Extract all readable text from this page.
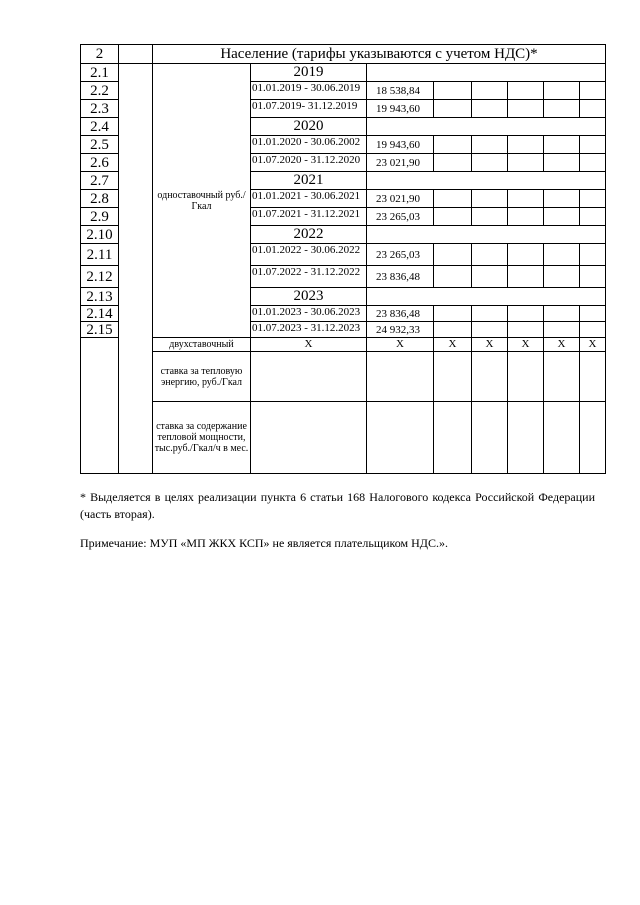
2		Население (тарифы указываются с учетом НДС)*							
2.1		одноставочный руб./Гкал	2019						
2.2			01.01.2019 - 30.06.2019	18 538,84					
2.3			01.07.2019- 31.12.2019	19 943,60					
2.4			2020						
2.5			01.01.2020 - 30.06.2002	19 943,60					
2.6			01.07.2020 - 31.12.2020	23 021,90					
2.7			2021						
2.8			01.01.2021 - 30.06.2021	23 021,90					
2.9			01.07.2021 - 31.12.2021	23 265,03					
2.10			2022						
2.11			01.01.2022 - 30.06.2022	23 265,03					
2.12			01.07.2022 - 31.12.2022	23 836,48					
2.13			2023						
2.14			01.01.2023 - 30.06.2023	23 836,48					
2.15			01.07.2023 - 31.12.2023	24 932,33					
		двухставочный	X	X	X	X	X	X	X
		ставка за тепловую энергию, руб./Гкал							
		ставка за содержание тепловой мощности, тыс.руб./Гкал/ч в мес.							
* Выделяется в целях реализации пункта 6 статьи 168 Налогового кодекса Российской Федерации (часть вторая).
Примечание: МУП «МП ЖКХ КСП» не является плательщиком НДС.».
